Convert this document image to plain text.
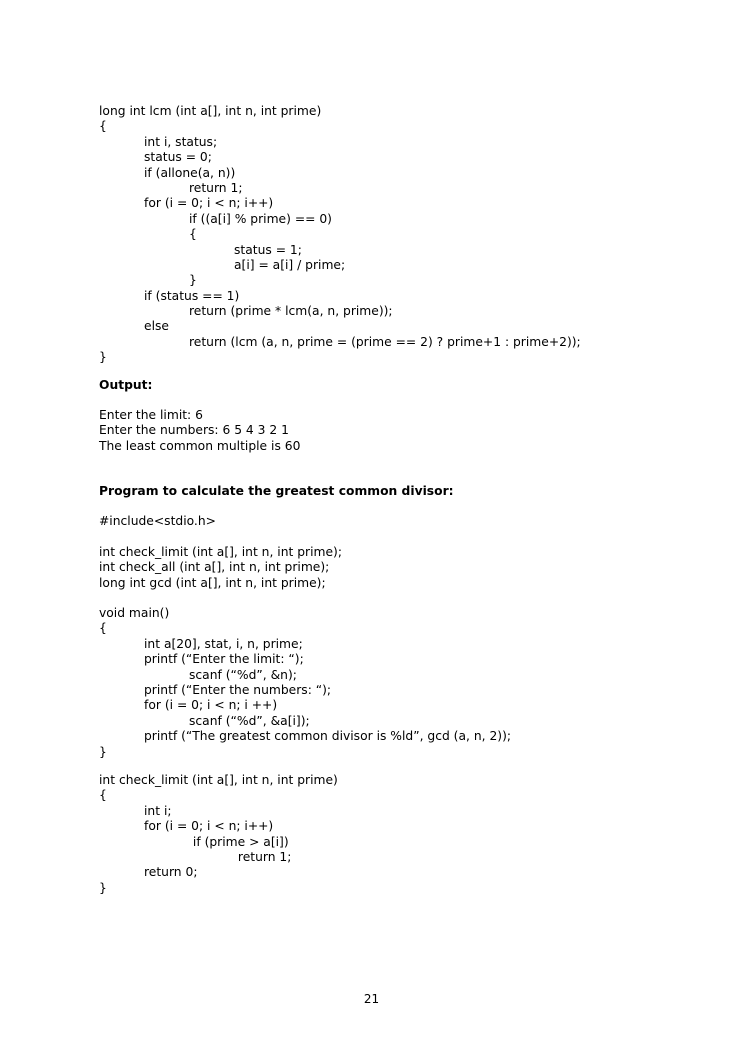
long int lcm (int a[], int n, int prime)
{
int i, status;
status = 0;
if (allone(a, n))
return 1;
for (i = 0; i < n; i++)
if ((a[i] % prime) == 0)
{
status = 1;
a[i] = a[i] / prime;
}
if (status == 1)
return (prime * lcm(a, n, prime));
else
return (lcm (a, n, prime = (prime == 2) ? prime+1 : prime+2));
}
Output:
Enter the limit: 6
Enter the numbers: 6 5 4 3 2 1
The least common multiple is 60
Program to calculate the greatest common divisor:
#include<stdio.h>
int check_limit (int a[], int n, int prime);
int check_all (int a[], int n, int prime);
long int gcd (int a[], int n, int prime);
void main()
{
int a[20], stat, i, n, prime;
printf (“Enter the limit: “);
scanf (“%d”, &n);
printf (“Enter the numbers: “);
for (i = 0; i < n; i ++)
scanf (“%d”, &a[i]);
printf (“The greatest common divisor is %ld”, gcd (a, n, 2));
}
int check_limit (int a[], int n, int prime)
{
int i;
for (i = 0; i < n; i++)
if (prime > a[i])
return 1;
return 0;
}
21
